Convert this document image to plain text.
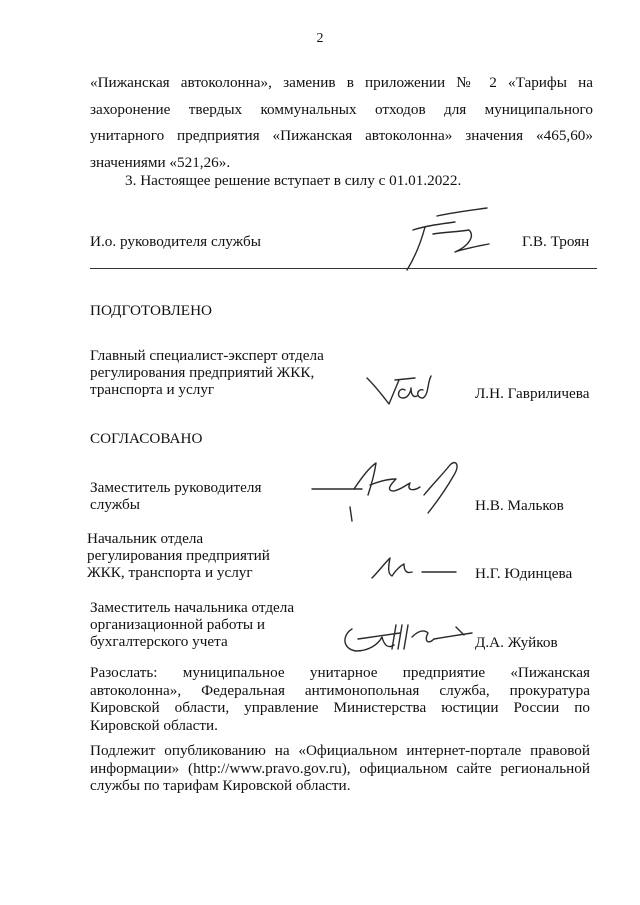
2
«Пижанская автоколонна», заменив в приложении № 2 «Тарифы на
захоронение твердых коммунальных отходов для муниципального
унитарного предприятия «Пижанская автоколонна» значения «465,60»
значениями «521,26».
3. Настоящее решение вступает в силу с 01.01.2022.
И.о. руководителя службы	Г.В. Троян
ПОДГОТОВЛЕНО
Главный специалист-эксперт отдела
регулирования предприятий ЖКК,
транспорта и услуг	Л.Н. Гавриличева
СОГЛАСОВАНО
Заместитель руководителя
службы	Н.В. Мальков
Начальник отдела
регулирования предприятий
ЖКК, транспорта и услуг	Н.Г. Юдинцева
Заместитель начальника отдела
организационной работы и
бухгалтерского учета	Д.А. Жуйков
Разослать: муниципальное унитарное предприятие «Пижанская
автоколонна», Федеральная антимонопольная служба, прокуратура
Кировской области, управление Министерства юстиции России по
Кировской области.
Подлежит опубликованию на «Официальном интернет-портале правовой
информации» (http://www.pravo.gov.ru), официальном сайте региональной
службы по тарифам Кировской области.
